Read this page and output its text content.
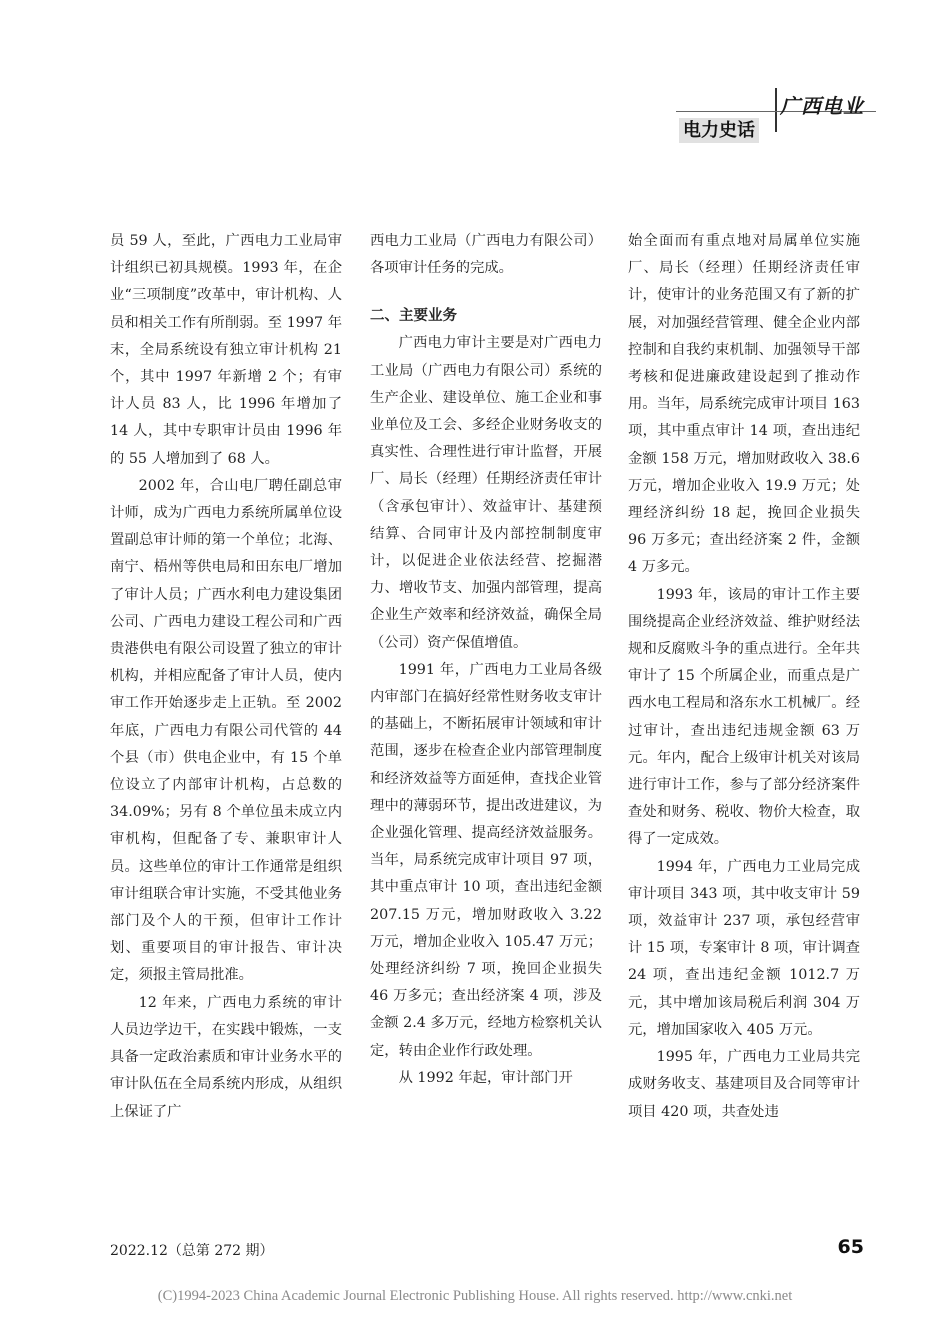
广西电业
电力史话

员 59 人，至此，广西电力工业局审计组织已初具规模。1993 年，在企业“三项制度”改革中，审计机构、人员和相关工作有所削弱。至 1997 年末，全局系统设有独立审计机构 21 个，其中 1997 年新增 2 个；有审计人员 83 人，比 1996 年增加了 14 人，其中专职审计员由 1996 年的 55 人增加到了 68 人。

2002 年，合山电厂聘任副总审计师，成为广西电力系统所属单位设置副总审计师的第一个单位；北海、南宁、梧州等供电局和田东电厂增加了审计人员；广西水利电力建设集团公司、广西电力建设工程公司和广西贵港供电有限公司设置了独立的审计机构，并相应配备了审计人员，使内审工作开始逐步走上正轨。至 2002 年底，广西电力有限公司代管的 44 个县（市）供电企业中，有 15 个单位设立了内部审计机构，占总数的 34.09%；另有 8 个单位虽未成立内审机构，但配备了专、兼职审计人员。这些单位的审计工作通常是组织审计组联合审计实施，不受其他业务部门及个人的干预，但审计工作计划、重要项目的审计报告、审计决定，须报主管局批准。

12 年来，广西电力系统的审计人员边学边干，在实践中锻炼，一支具备一定政治素质和审计业务水平的审计队伍在全局系统内形成，从组织上保证了广

西电力工业局（广西电力有限公司）各项审计任务的完成。

二、主要业务

广西电力审计主要是对广西电力工业局（广西电力有限公司）系统的生产企业、建设单位、施工企业和事业单位及工会、多经企业财务收支的真实性、合理性进行审计监督，开展厂、局长（经理）任期经济责任审计（含承包审计）、效益审计、基建预结算、合同审计及内部控制制度审计，以促进企业依法经营、挖掘潜力、增收节支、加强内部管理，提高企业生产效率和经济效益，确保全局（公司）资产保值增值。

1991 年，广西电力工业局各级内审部门在搞好经常性财务收支审计的基础上，不断拓展审计领域和审计范围，逐步在检查企业内部管理制度和经济效益等方面延伸，查找企业管理中的薄弱环节，提出改进建议，为企业强化管理、提高经济效益服务。当年，局系统完成审计项目 97 项，其中重点审计 10 项，查出违纪金额 207.15 万元，增加财政收入 3.22 万元，增加企业收入 105.47 万元；处理经济纠纷 7 项，挽回企业损失 46 万多元；查出经济案 4 项，涉及金额 2.4 多万元，经地方检察机关认定，转由企业作行政处理。

从 1992 年起，审计部门开

始全面而有重点地对局属单位实施厂、局长（经理）任期经济责任审计，使审计的业务范围又有了新的扩展，对加强经营管理、健全企业内部控制和自我约束机制、加强领导干部考核和促进廉政建设起到了推动作用。当年，局系统完成审计项目 163 项，其中重点审计 14 项，查出违纪金额 158 万元，增加财政收入 38.6 万元，增加企业收入 19.9 万元；处理经济纠纷 18 起，挽回企业损失 96 万多元；查出经济案 2 件，金额 4 万多元。

1993 年，该局的审计工作主要围绕提高企业经济效益、维护财经法规和反腐败斗争的重点进行。全年共审计了 15 个所属企业，而重点是广西水电工程局和洛东水工机械厂。经过审计，查出违纪违规金额 63 万元。年内，配合上级审计机关对该局进行审计工作，参与了部分经济案件查处和财务、税收、物价大检查，取得了一定成效。

1994 年，广西电力工业局完成审计项目 343 项，其中收支审计 59 项，效益审计 237 项，承包经营审计 15 项，专案审计 8 项，审计调查 24 项，查出违纪金额 1012.7 万元，其中增加该局税后利润 304 万元，增加国家收入 405 万元。

1995 年，广西电力工业局共完成财务收支、基建项目及合同等审计项目 420 项，共查处违

2022.12（总第 272 期）	65
(C)1994-2023 China Academic Journal Electronic Publishing House. All rights reserved. http://www.cnki.net
